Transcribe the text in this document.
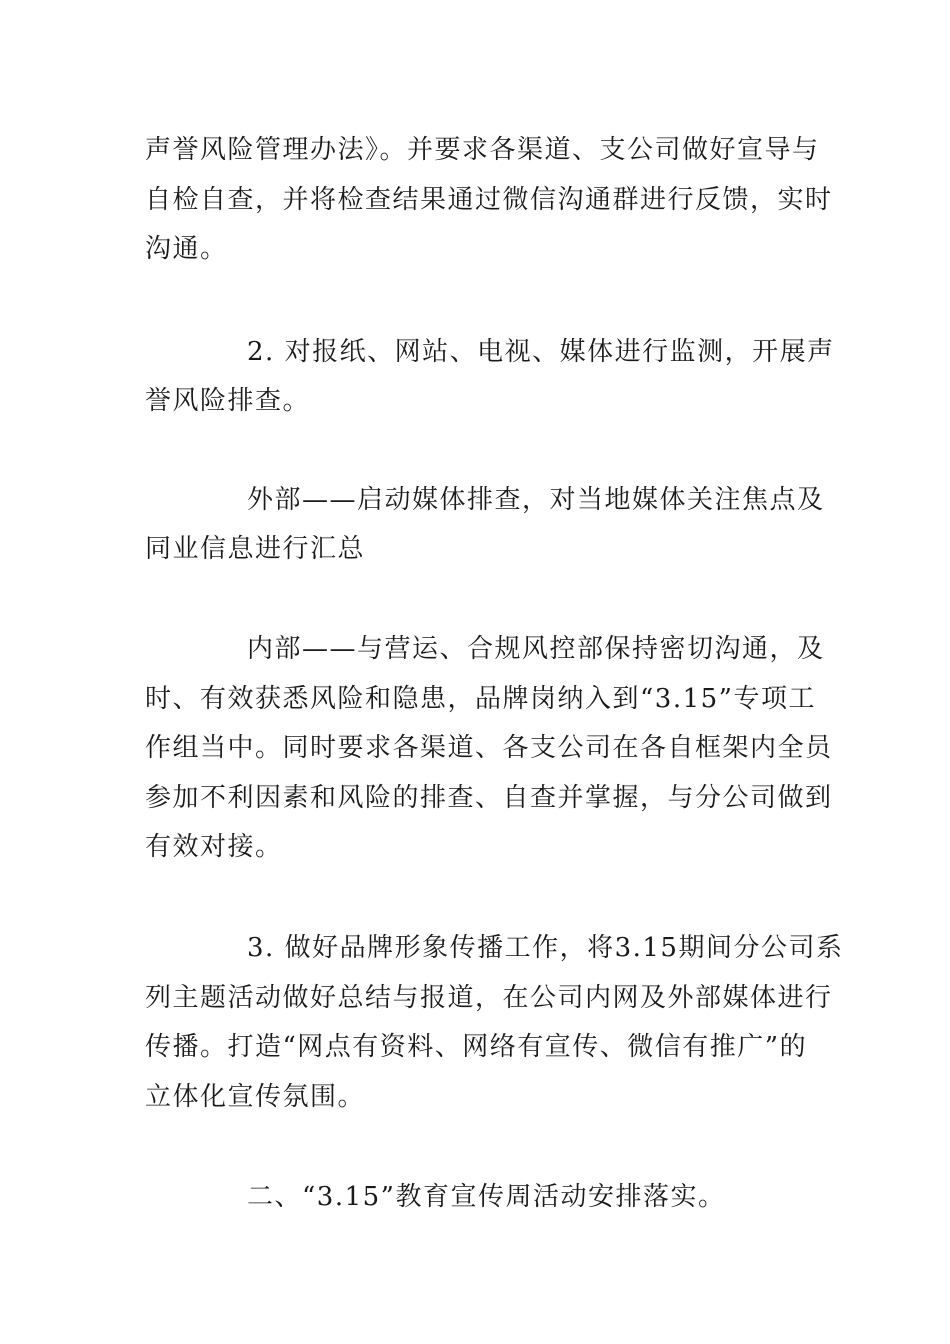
声誉风险管理办法》。并要求各渠道、支公司做好宣导与
自检自查，并将检查结果通过微信沟通群进行反馈，实时
沟通。
2. 对报纸、网站、电视、媒体进行监测，开展声
誉风险排查。
外部——启动媒体排查，对当地媒体关注焦点及
同业信息进行汇总
内部——与营运、合规风控部保持密切沟通，及
时、有效获悉风险和隐患，品牌岗纳入到“3.15”专项工
作组当中。同时要求各渠道、各支公司在各自框架内全员
参加不利因素和风险的排查、自查并掌握，与分公司做到
有效对接。
3. 做好品牌形象传播工作，将3.15期间分公司系
列主题活动做好总结与报道，在公司内网及外部媒体进行
传播。打造“网点有资料、网络有宣传、微信有推广”的
立体化宣传氛围。
二、“3.15”教育宣传周活动安排落实。
